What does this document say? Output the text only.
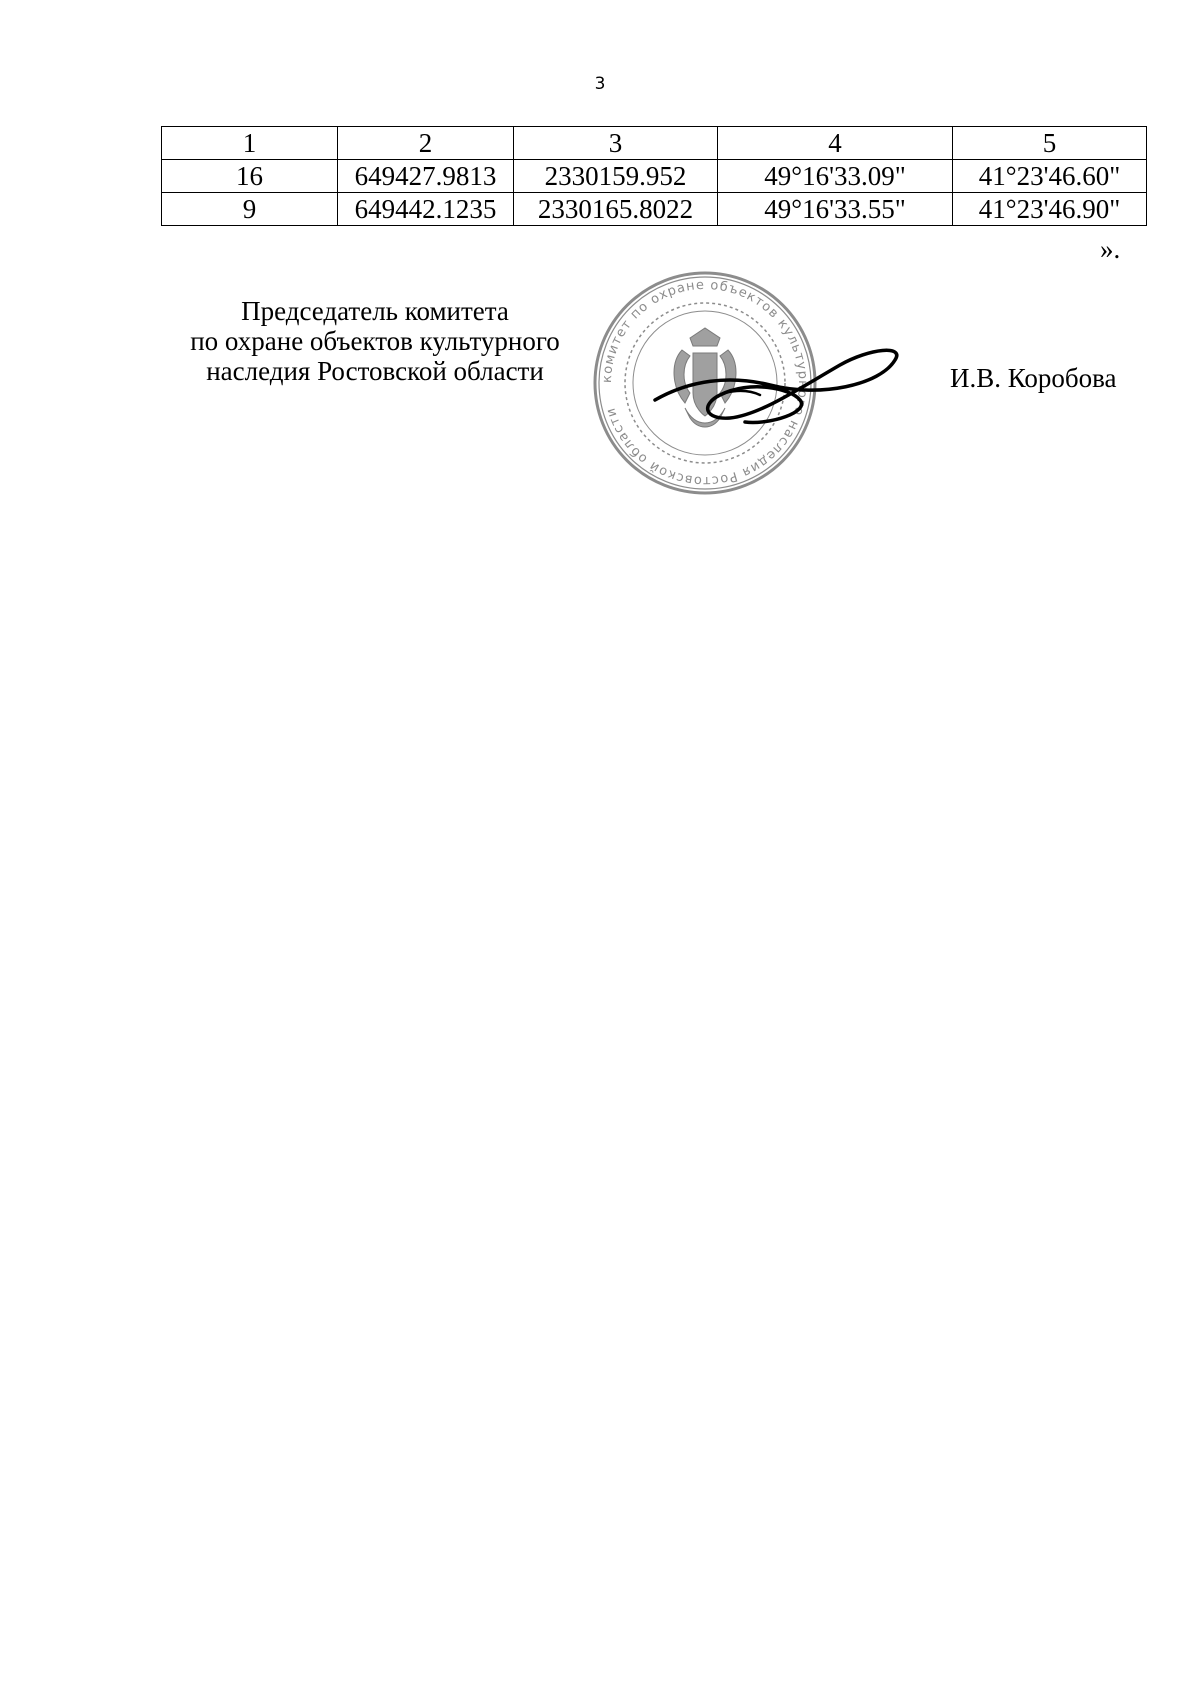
3
1	2	3	4	5
16	649427.9813	2330159.952	49°16'33.09"	41°23'46.60"
9	649442.1235	2330165.8022	49°16'33.55"	41°23'46.90"
».
Председатель комитета
по охране объектов культурного
наследия Ростовской области	комитет по охране объектов культурного наследия Ростовской области
И.В. Коробова
